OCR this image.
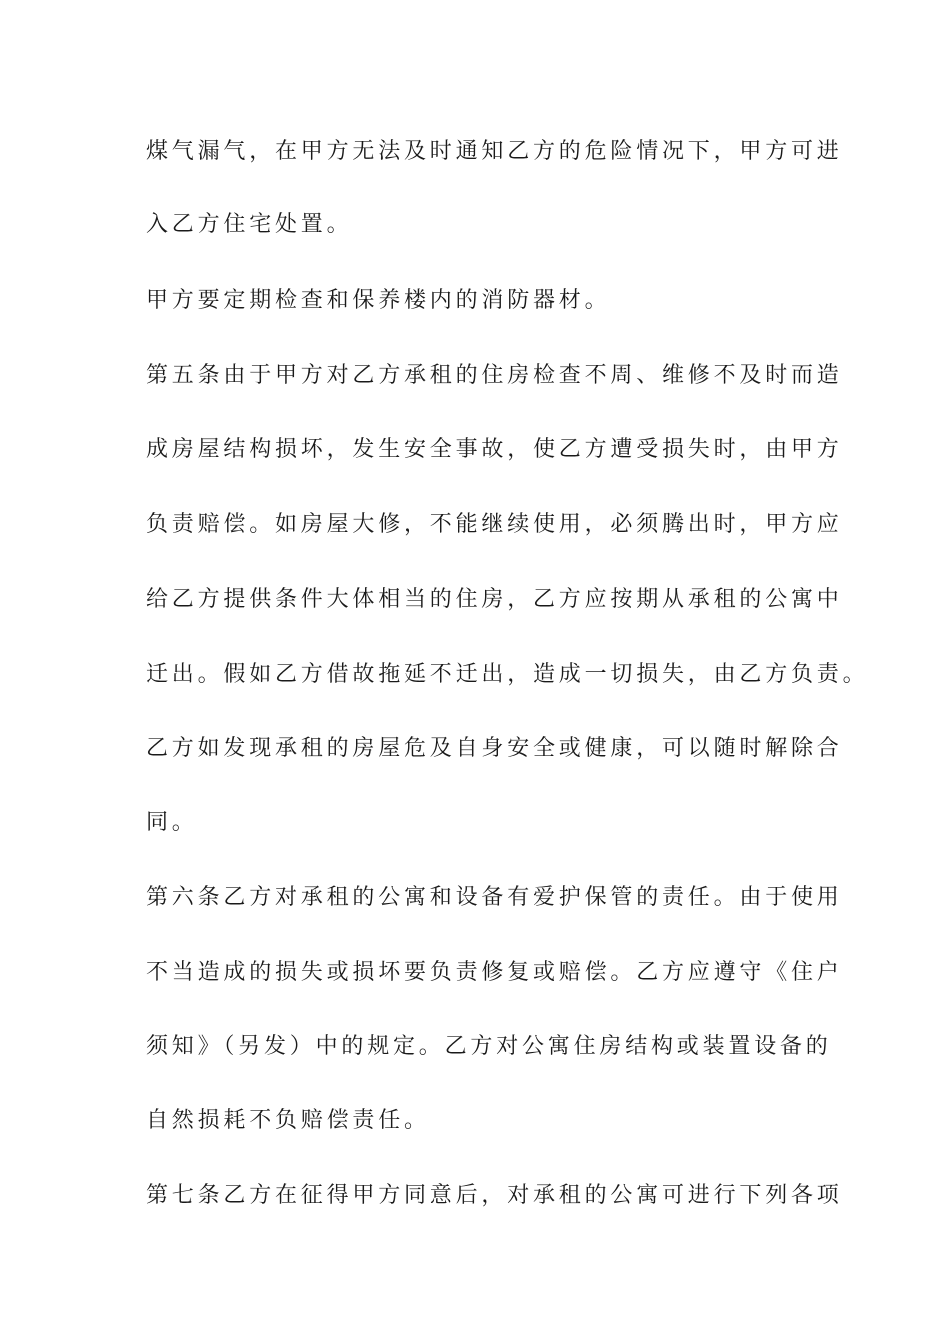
煤气漏气，在甲方无法及时通知乙方的危险情况下，甲方可进
入乙方住宅处置。
甲方要定期检查和保养楼内的消防器材。
第五条由于甲方对乙方承租的住房检查不周、维修不及时而造
成房屋结构损坏，发生安全事故，使乙方遭受损失时，由甲方
负责赔偿。如房屋大修，不能继续使用，必须腾出时，甲方应
给乙方提供条件大体相当的住房，乙方应按期从承租的公寓中
迁出。假如乙方借故拖延不迁出，造成一切损失，由乙方负责。
乙方如发现承租的房屋危及自身安全或健康，可以随时解除合
同。
第六条乙方对承租的公寓和设备有爱护保管的责任。由于使用
不当造成的损失或损坏要负责修复或赔偿。乙方应遵守《住户
须知》（另发）中的规定。乙方对公寓住房结构或装置设备的
自然损耗不负赔偿责任。
第七条乙方在征得甲方同意后，对承租的公寓可进行下列各项
